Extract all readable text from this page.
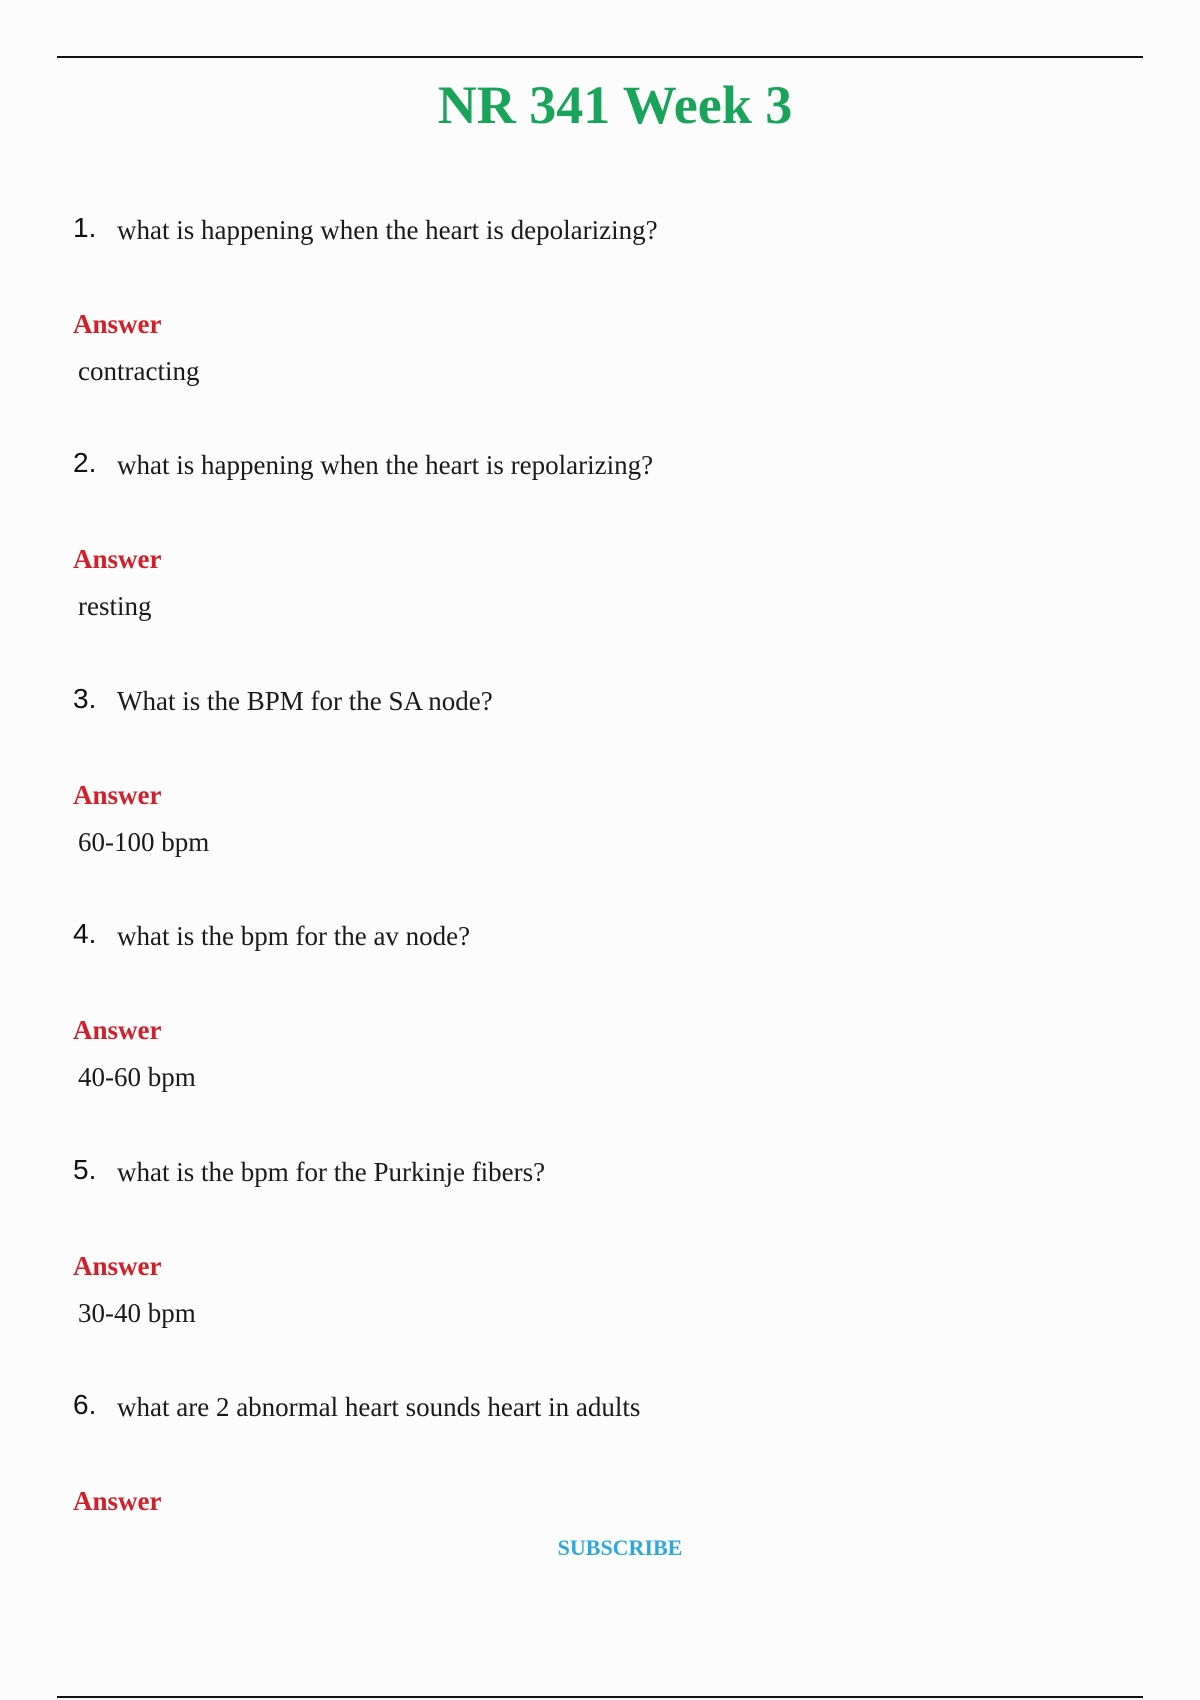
NR 341 Week 3
1. what is happening when the heart is depolarizing?
Answer
contracting
2. what is happening when the heart is repolarizing?
Answer
resting
3. What is the BPM for the SA node?
Answer
60-100 bpm
4. what is the bpm for the av node?
Answer
40-60 bpm
5. what is the bpm for the Purkinje fibers?
Answer
30-40 bpm
6. what are 2 abnormal heart sounds heart in adults
Answer
SUBSCRIBE
